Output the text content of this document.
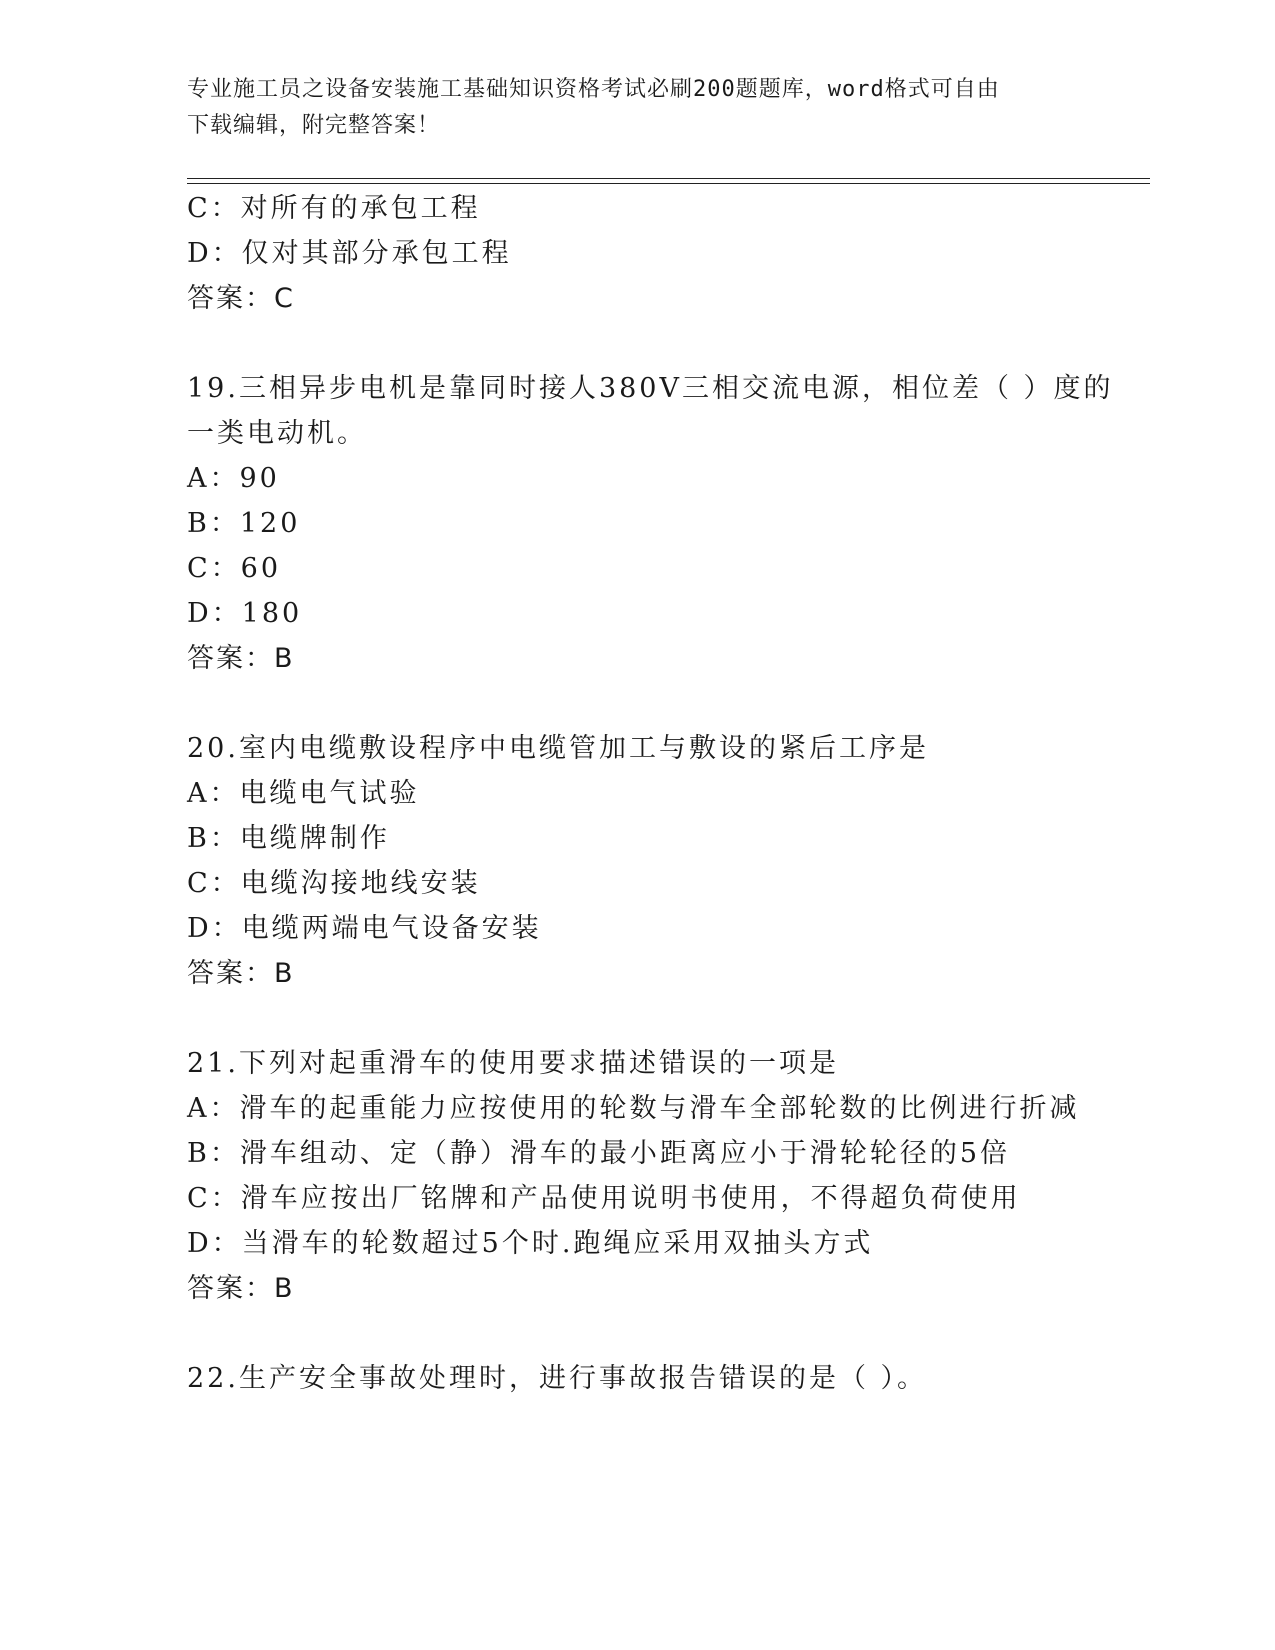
专业施工员之设备安装施工基础知识资格考试必刷200题题库，word格式可自由
下载编辑，附完整答案！
C：对所有的承包工程
D：仅对其部分承包工程
答案：C
19.三相异步电机是靠同时接人380V三相交流电源，相位差（ ）度的
一类电动机。
A：90
B：120
C：60
D：180
答案：B
20.室内电缆敷设程序中电缆管加工与敷设的紧后工序是
A：电缆电气试验
B：电缆牌制作
C：电缆沟接地线安装
D：电缆两端电气设备安装
答案：B
21.下列对起重滑车的使用要求描述错误的一项是
A：滑车的起重能力应按使用的轮数与滑车全部轮数的比例进行折减
B：滑车组动、定（静）滑车的最小距离应小于滑轮轮径的5倍
C：滑车应按出厂铭牌和产品使用说明书使用，不得超负荷使用
D：当滑车的轮数超过5个时.跑绳应采用双抽头方式
答案：B
22.生产安全事故处理时，进行事故报告错误的是（ ）。
